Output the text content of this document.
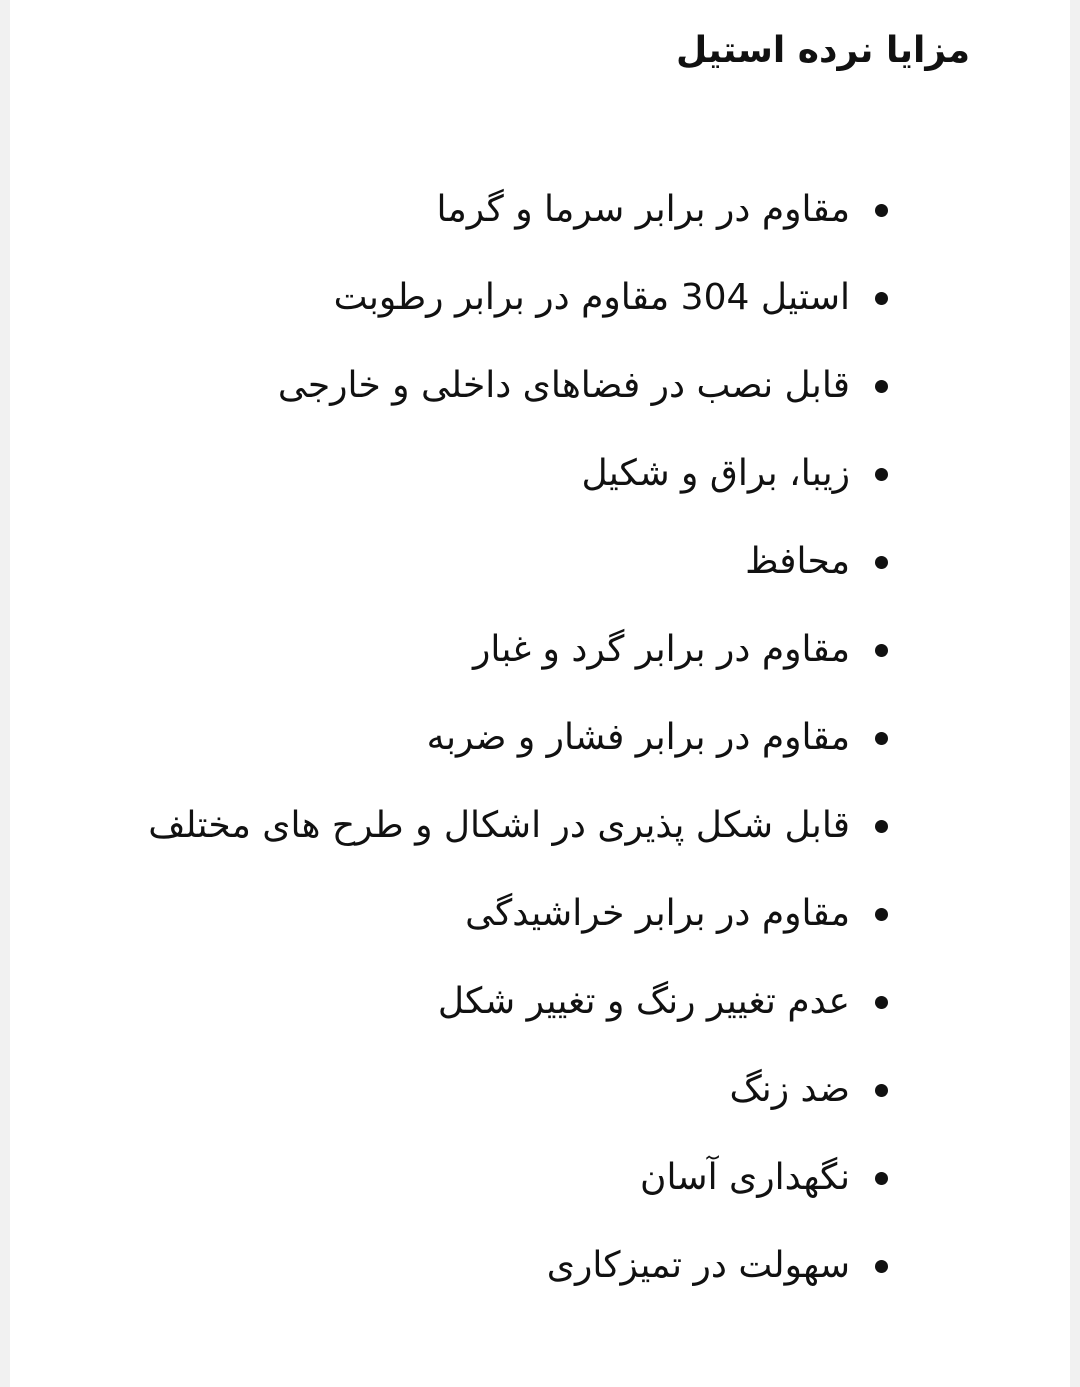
مزایا نرده استیل
مقاوم در برابر سرما و گرما
استیل 304 مقاوم در برابر رطوبت
قابل نصب در فضاهای داخلی و خارجی
زیبا، براق و شکیل
محافظ
مقاوم در برابر گرد و غبار
مقاوم در برابر فشار و ضربه
قابل شکل پذیری در اشکال و طرح های مختلف
مقاوم در برابر خراشیدگی
عدم تغییر رنگ و تغییر شکل
ضد زنگ
نگهداری آسان
سهولت در تمیزکاری
